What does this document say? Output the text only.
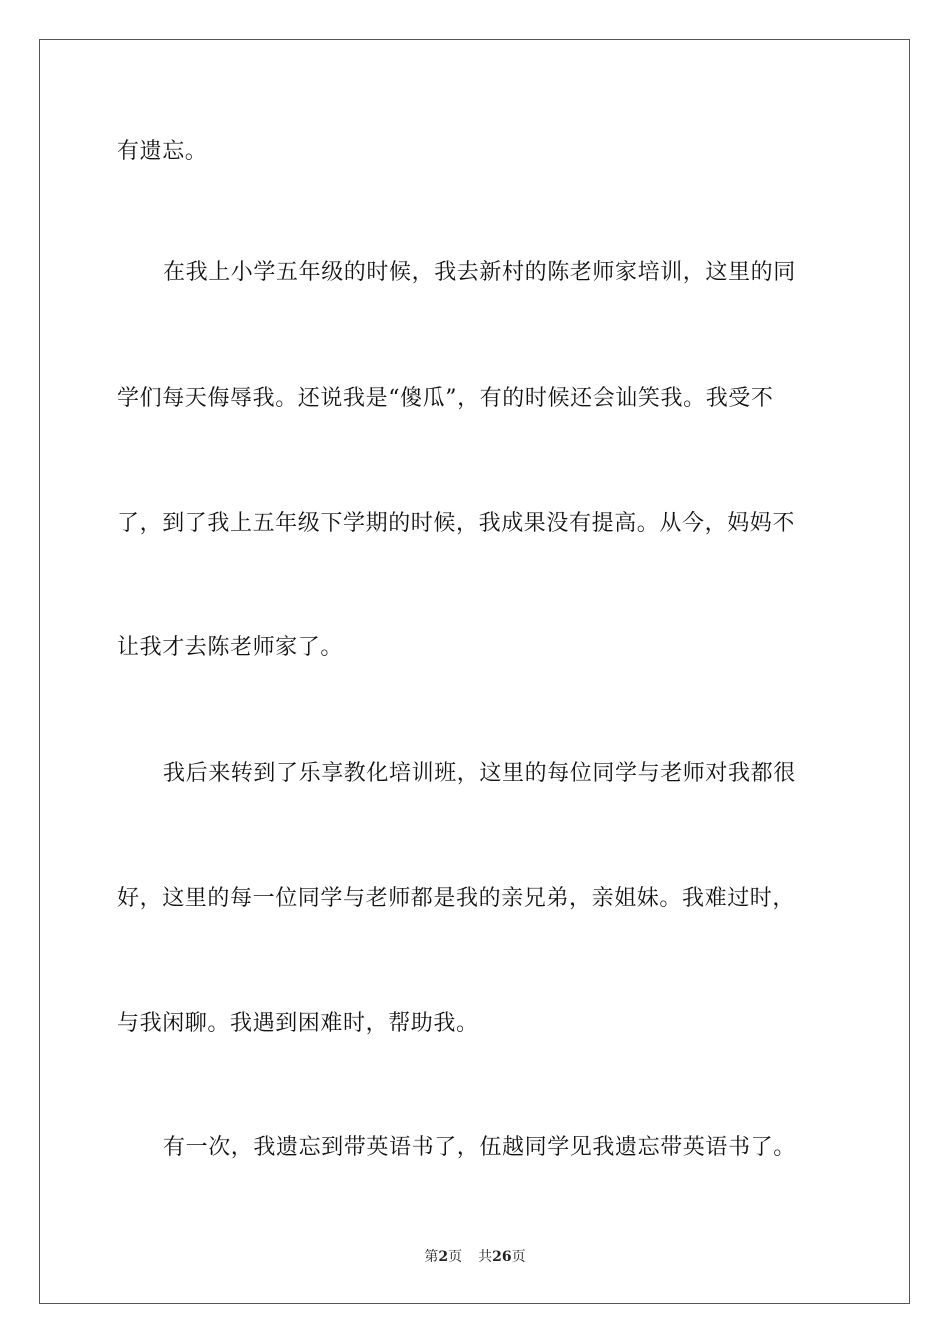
有遗忘。
在我上小学五年级的时候，我去新村的陈老师家培训，这里的同
学们每天侮辱我。还说我是“傻瓜”，有的时候还会讪笑我。我受不
了，到了我上五年级下学期的时候，我成果没有提高。从今，妈妈不
让我才去陈老师家了。
我后来转到了乐享教化培训班，这里的每位同学与老师对我都很
好，这里的每一位同学与老师都是我的亲兄弟，亲姐妹。我难过时，
与我闲聊。我遇到困难时，帮助我。
有一次，我遗忘到带英语书了，伍越同学见我遗忘带英语书了。
第2页 共26页
